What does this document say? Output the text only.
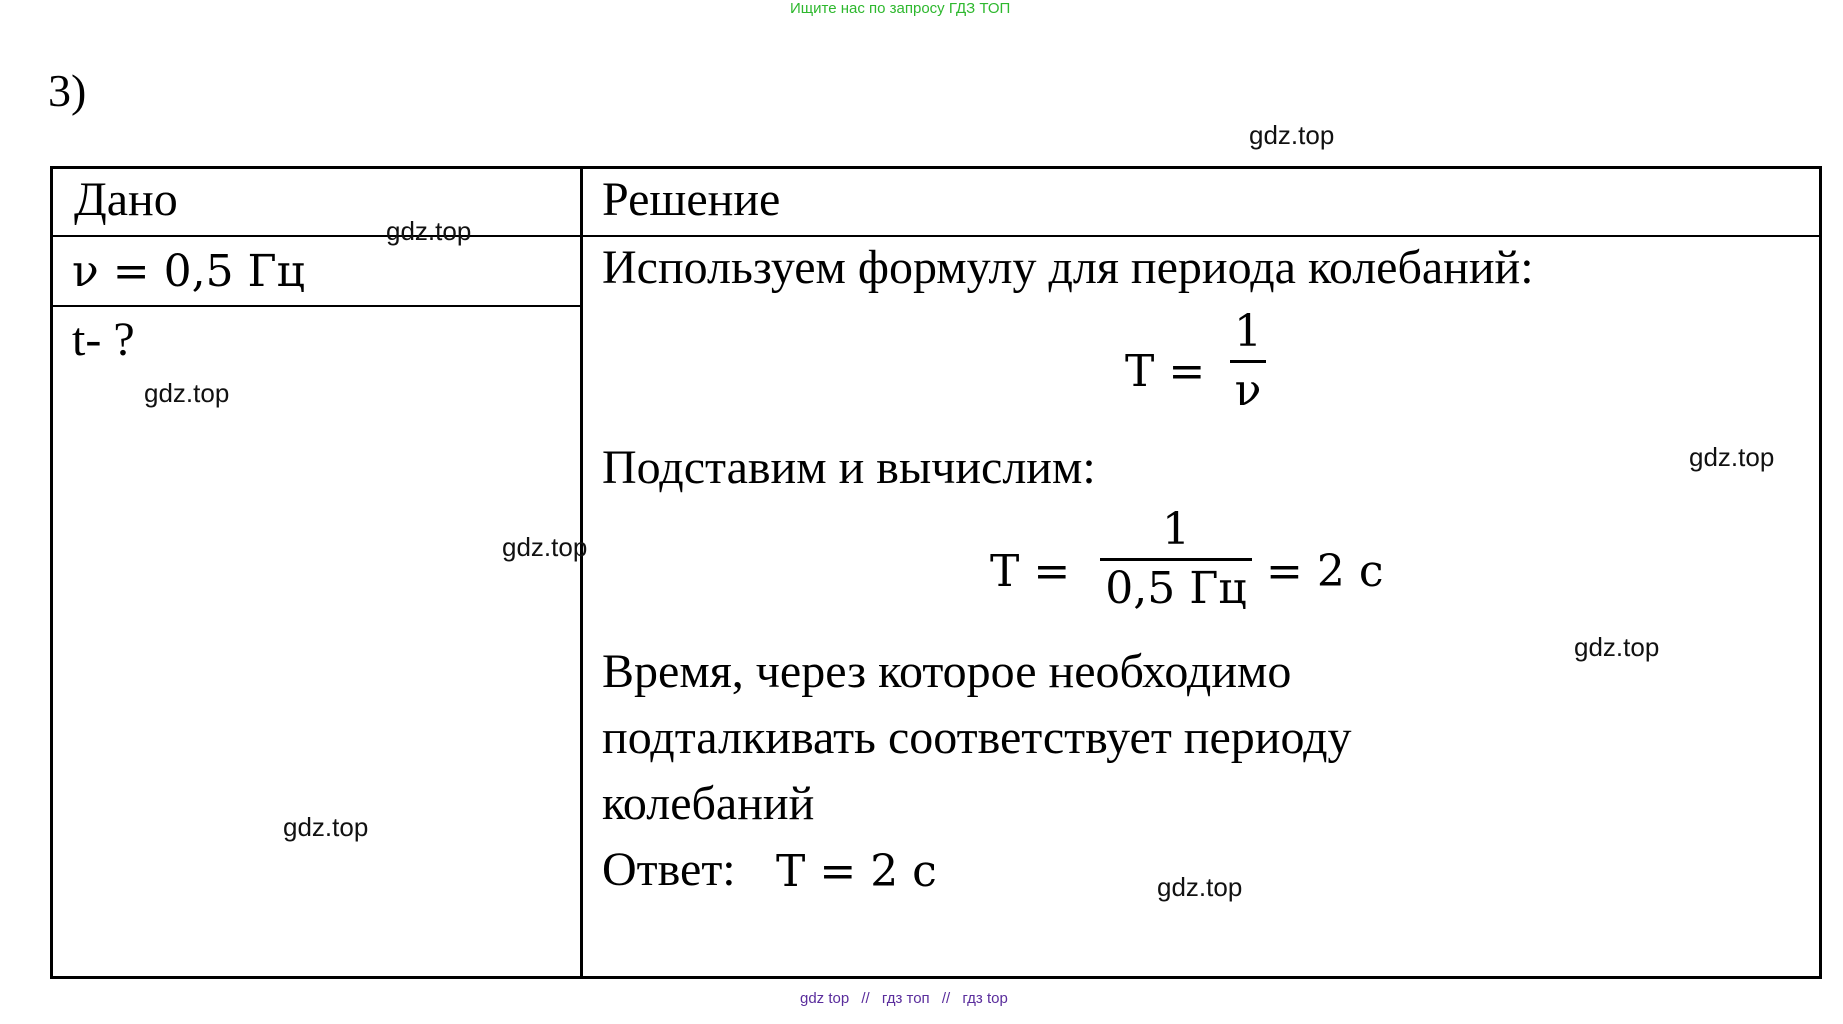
Ищите нас по запросу ГДЗ ТОП
3)
Дано
ν = 0,5 Гц
t- ?
Решение
Используем формулу для периода колебаний:
T =
1
ν
Подставим и вычислим:
T =
1
0,5 Гц = 2 с
Время, через которое необходимо
подталкивать соответствует периоду
колебаний
Ответ: T = 2 с
gdz.top
gdz.top
gdz.top
gdz.top
gdz.top
gdz.top
gdz.top
gdz.top
gdz top // гдз топ // гдз top
